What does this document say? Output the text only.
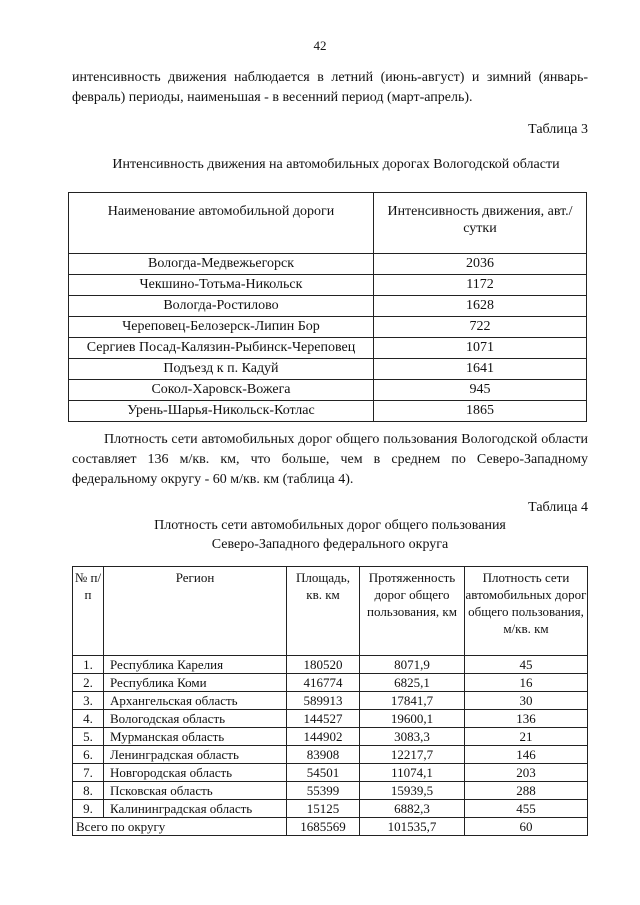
42
интенсивность движения наблюдается в летний (июнь-август) и зимний (январь-февраль) периоды, наименьшая - в весенний период (март-апрель).
Таблица 3
Интенсивность движения на автомобильных дорогах Вологодской области
Наименование автомобильной дороги	Интенсивность движения, авт./сутки
Вологда-Медвежьегорск	2036
Чекшино-Тотьма-Никольск	1172
Вологда-Ростилово	1628
Череповец-Белозерск-Липин Бор	722
Сергиев Посад-Калязин-Рыбинск-Череповец	1071
Подъезд к п. Кадуй	1641
Сокол-Харовск-Вожега	945
Урень-Шарья-Никольск-Котлас	1865
Плотность сети автомобильных дорог общего пользования Вологодской области составляет 136 м/кв. км, что больше, чем в среднем по Северо-Западному федеральному округу - 60 м/кв. км (таблица 4).
Таблица 4
Плотность сети автомобильных дорог общего пользования
Северо-Западного федерального округа
№ п/п	Регион	Площадь, кв. км	Протяженность дорог общего пользования, км	Плотность сети автомобильных дорог общего пользования, м/кв. км
1.	Республика Карелия	180520	8071,9	45
2.	Республика Коми	416774	6825,1	16
3.	Архангельская область	589913	17841,7	30
4.	Вологодская область	144527	19600,1	136
5.	Мурманская область	144902	3083,3	21
6.	Ленинградская область	83908	12217,7	146
7.	Новгородская область	54501	11074,1	203
8.	Псковская область	55399	15939,5	288
9.	Калининградская область	15125	6882,3	455
Всего по округу		1685569	101535,7	60
